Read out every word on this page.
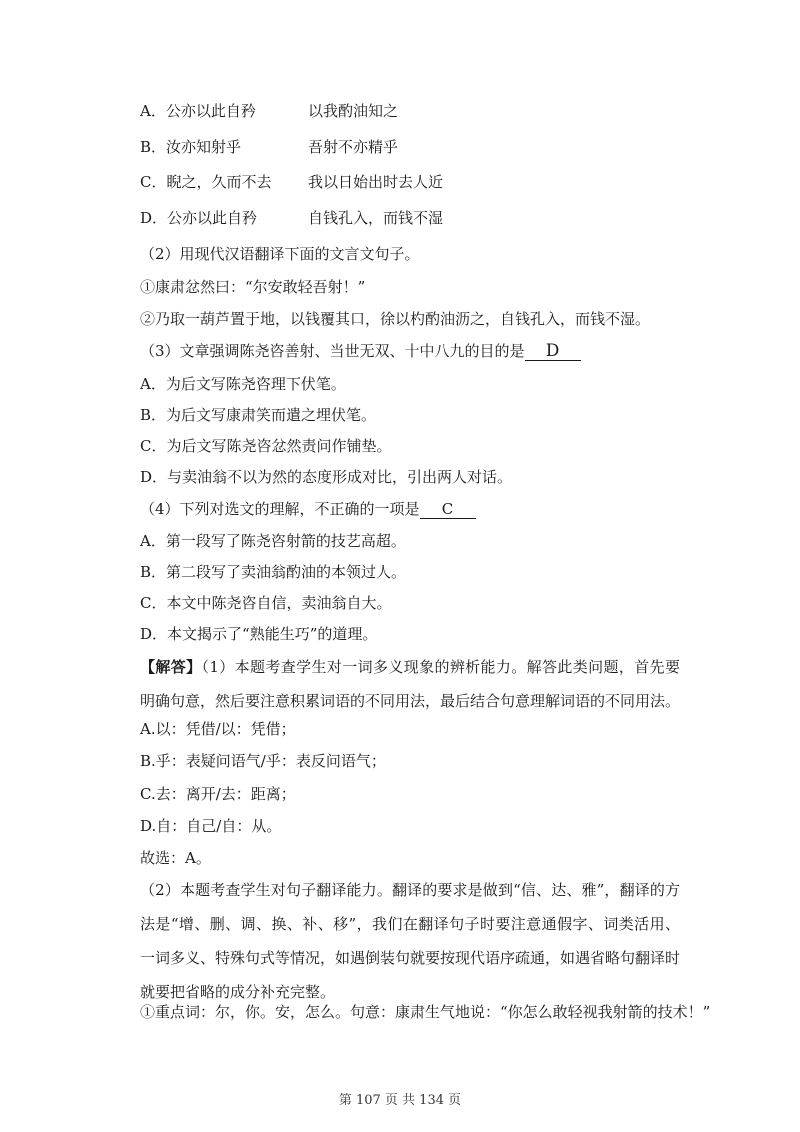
A．公亦以此自矜	以我酌油知之
B．汝亦知射乎	吾射不亦精乎
C．睨之，久而不去	我以日始出时去人近
D．公亦以此自矜	自钱孔入，而钱不湿
（2）用现代汉语翻译下面的文言文句子。
①康肃忿然曰：“尔安敢轻吾射！”
②乃取一葫芦置于地，以钱覆其口，徐以杓酌油沥之，自钱孔入，而钱不湿。
（3）文章强调陈尧咨善射、当世无双、十中八九的目的是 D
A．为后文写陈尧咨理下伏笔。
B．为后文写康肃笑而遣之埋伏笔。
C．为后文写陈尧咨忿然责问作铺垫。
D．与卖油翁不以为然的态度形成对比，引出两人对话。
（4）下列对选文的理解，不正确的一项是 C
A．第一段写了陈尧咨射箭的技艺高超。
B．第二段写了卖油翁酌油的本领过人。
C．本文中陈尧咨自信，卖油翁自大。
D．本文揭示了“熟能生巧”的道理。
【解答】（1）本题考查学生对一词多义现象的辨析能力。解答此类问题，首先要明确句意，然后要注意积累词语的不同用法，最后结合句意理解词语的不同用法。
A.以：凭借/以：凭借；
B.乎：表疑问语气/乎：表反问语气；
C.去：离开/去：距离；
D.自：自己/自：从。
故选：A。
（2）本题考查学生对句子翻译能力。翻译的要求是做到“信、达、雅”，翻译的方法是“增、删、调、换、补、移”，我们在翻译句子时要注意通假字、词类活用、一词多义、特殊句式等情况，如遇倒装句就要按现代语序疏通，如遇省略句翻译时就要把省略的成分补充完整。
①重点词：尔，你。安，怎么。句意：康肃生气地说：“你怎么敢轻视我射箭的技术！”
第 107 页 共 134 页
